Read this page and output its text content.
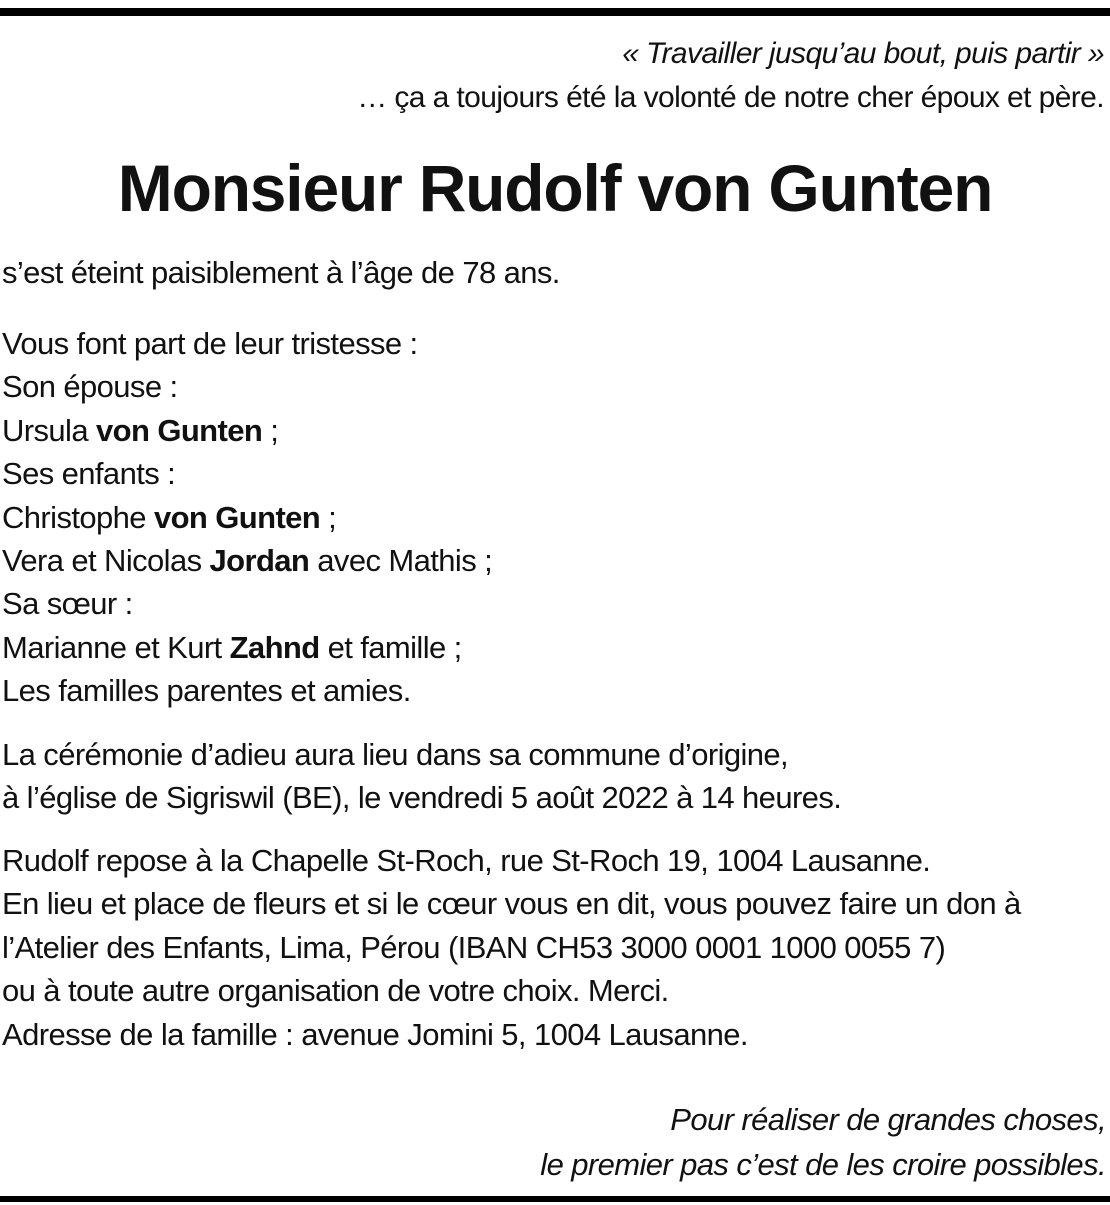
« Travailler jusqu’au bout, puis partir »
… ça a toujours été la volonté de notre cher époux et père.
Monsieur Rudolf von Gunten
s’est éteint paisiblement à l’âge de 78 ans.
Vous font part de leur tristesse :
Son épouse :
Ursula von Gunten ;
Ses enfants :
Christophe von Gunten ;
Vera et Nicolas Jordan avec Mathis ;
Sa sœur :
Marianne et Kurt Zahnd et famille ;
Les familles parentes et amies.
La cérémonie d’adieu aura lieu dans sa commune d’origine,
à l’église de Sigriswil (BE), le vendredi 5 août 2022 à 14 heures.
Rudolf repose à la Chapelle St-Roch, rue St-Roch 19, 1004 Lausanne.
En lieu et place de fleurs et si le cœur vous en dit, vous pouvez faire un don à
l’Atelier des Enfants, Lima, Pérou (IBAN CH53 3000 0001 1000 0055 7)
ou à toute autre organisation de votre choix. Merci.
Adresse de la famille : avenue Jomini 5, 1004 Lausanne.
Pour réaliser de grandes choses,
le premier pas c’est de les croire possibles.
